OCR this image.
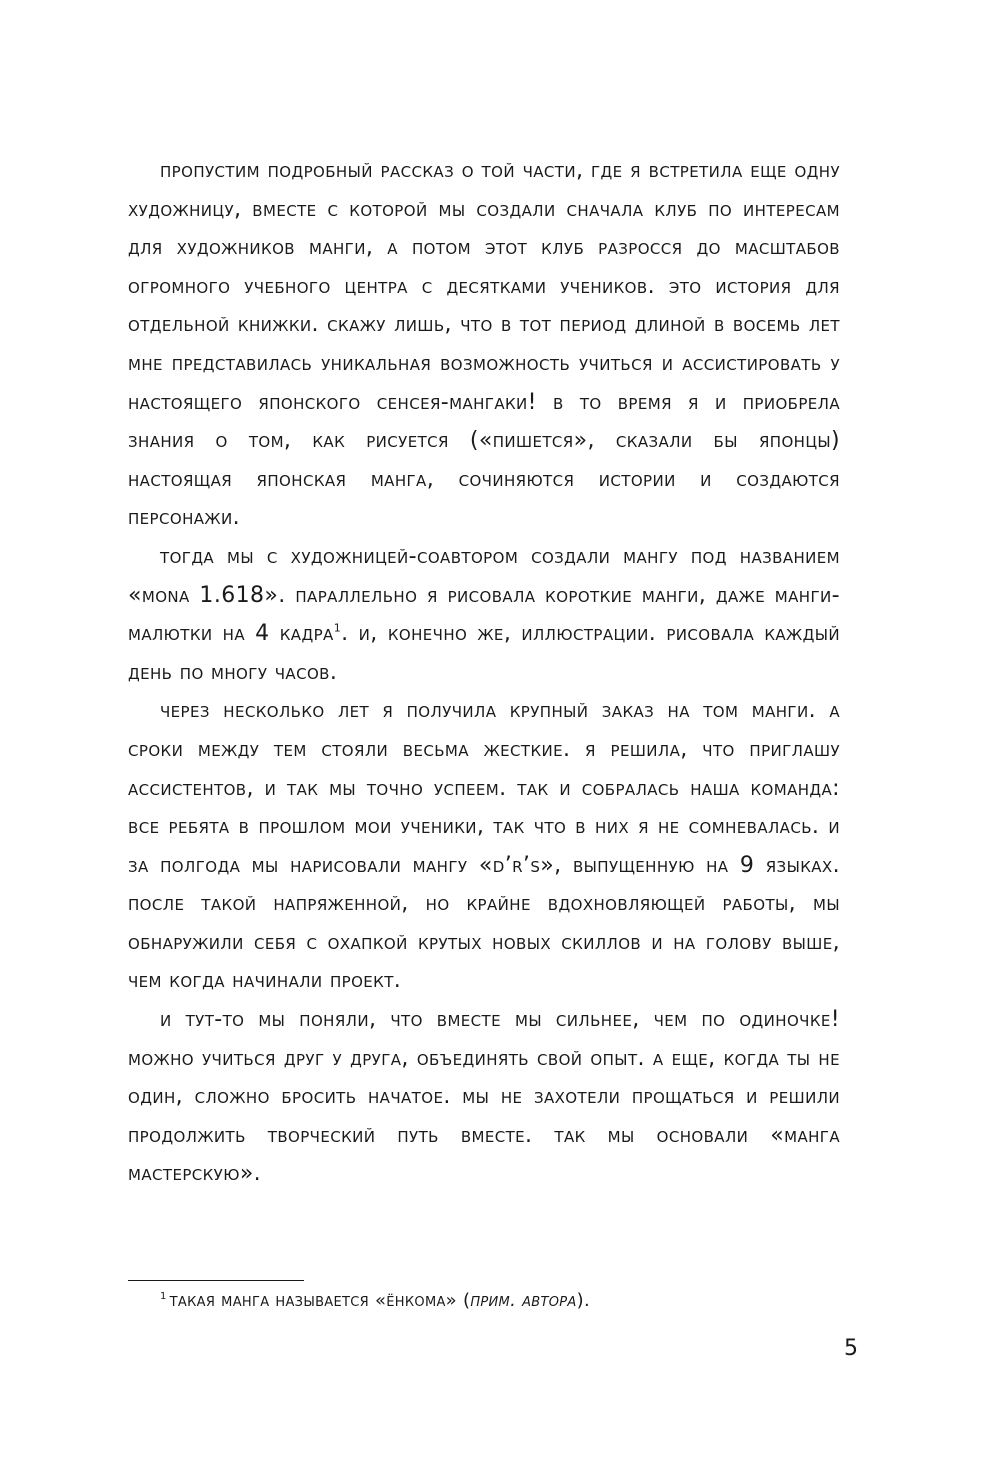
пропустим подробный рассказ о той части, где я встретила еще одну художницу, вместе с которой мы создали сначала клуб по интересам для художников манги, а потом этот клуб разросся до масштабов огромного учебного центра с десятками учеников. это история для отдельной книжки. скажу лишь, что в тот период длиной в восемь лет мне представилась уникальная возможность учиться и ассистировать у настоящего японского сенсея-мангаки! в то время я и приобрела знания о том, как рисуется («пишется», сказали бы японцы) настоящая японская манга, сочиняются истории и создаются персонажи.

тогда мы с художницей-соавтором создали мангу под названием «mona 1.618». параллельно я рисовала короткие манги, даже манги-малютки на 4 кадра$^1$. и, конечно же, иллюстрации. рисовала каждый день по многу часов.

через несколько лет я получила крупный заказ на том манги. а сроки между тем стояли весьма жесткие. я решила, что приглашу ассистентов, и так мы точно успеем. так и собралась наша команда: все ребята в прошлом мои ученики, так что в них я не сомневалась. и за полгода мы нарисовали мангу «d’r’s», выпущенную на 9 языках. после такой напряженной, но крайне вдохновляющей работы, мы обнаружили себя с охапкой крутых новых скиллов и на голову выше, чем когда начинали проект.

и тут-то мы поняли, что вместе мы сильнее, чем по одиночке! можно учиться друг у друга, объединять свой опыт. а еще, когда ты не один, сложно бросить начатое. мы не захотели прощаться и решили продолжить творческий путь вместе. так мы основали «манга мастерскую».

$^1$ такая манга называется «ёнкома» (прим. автора).
5
